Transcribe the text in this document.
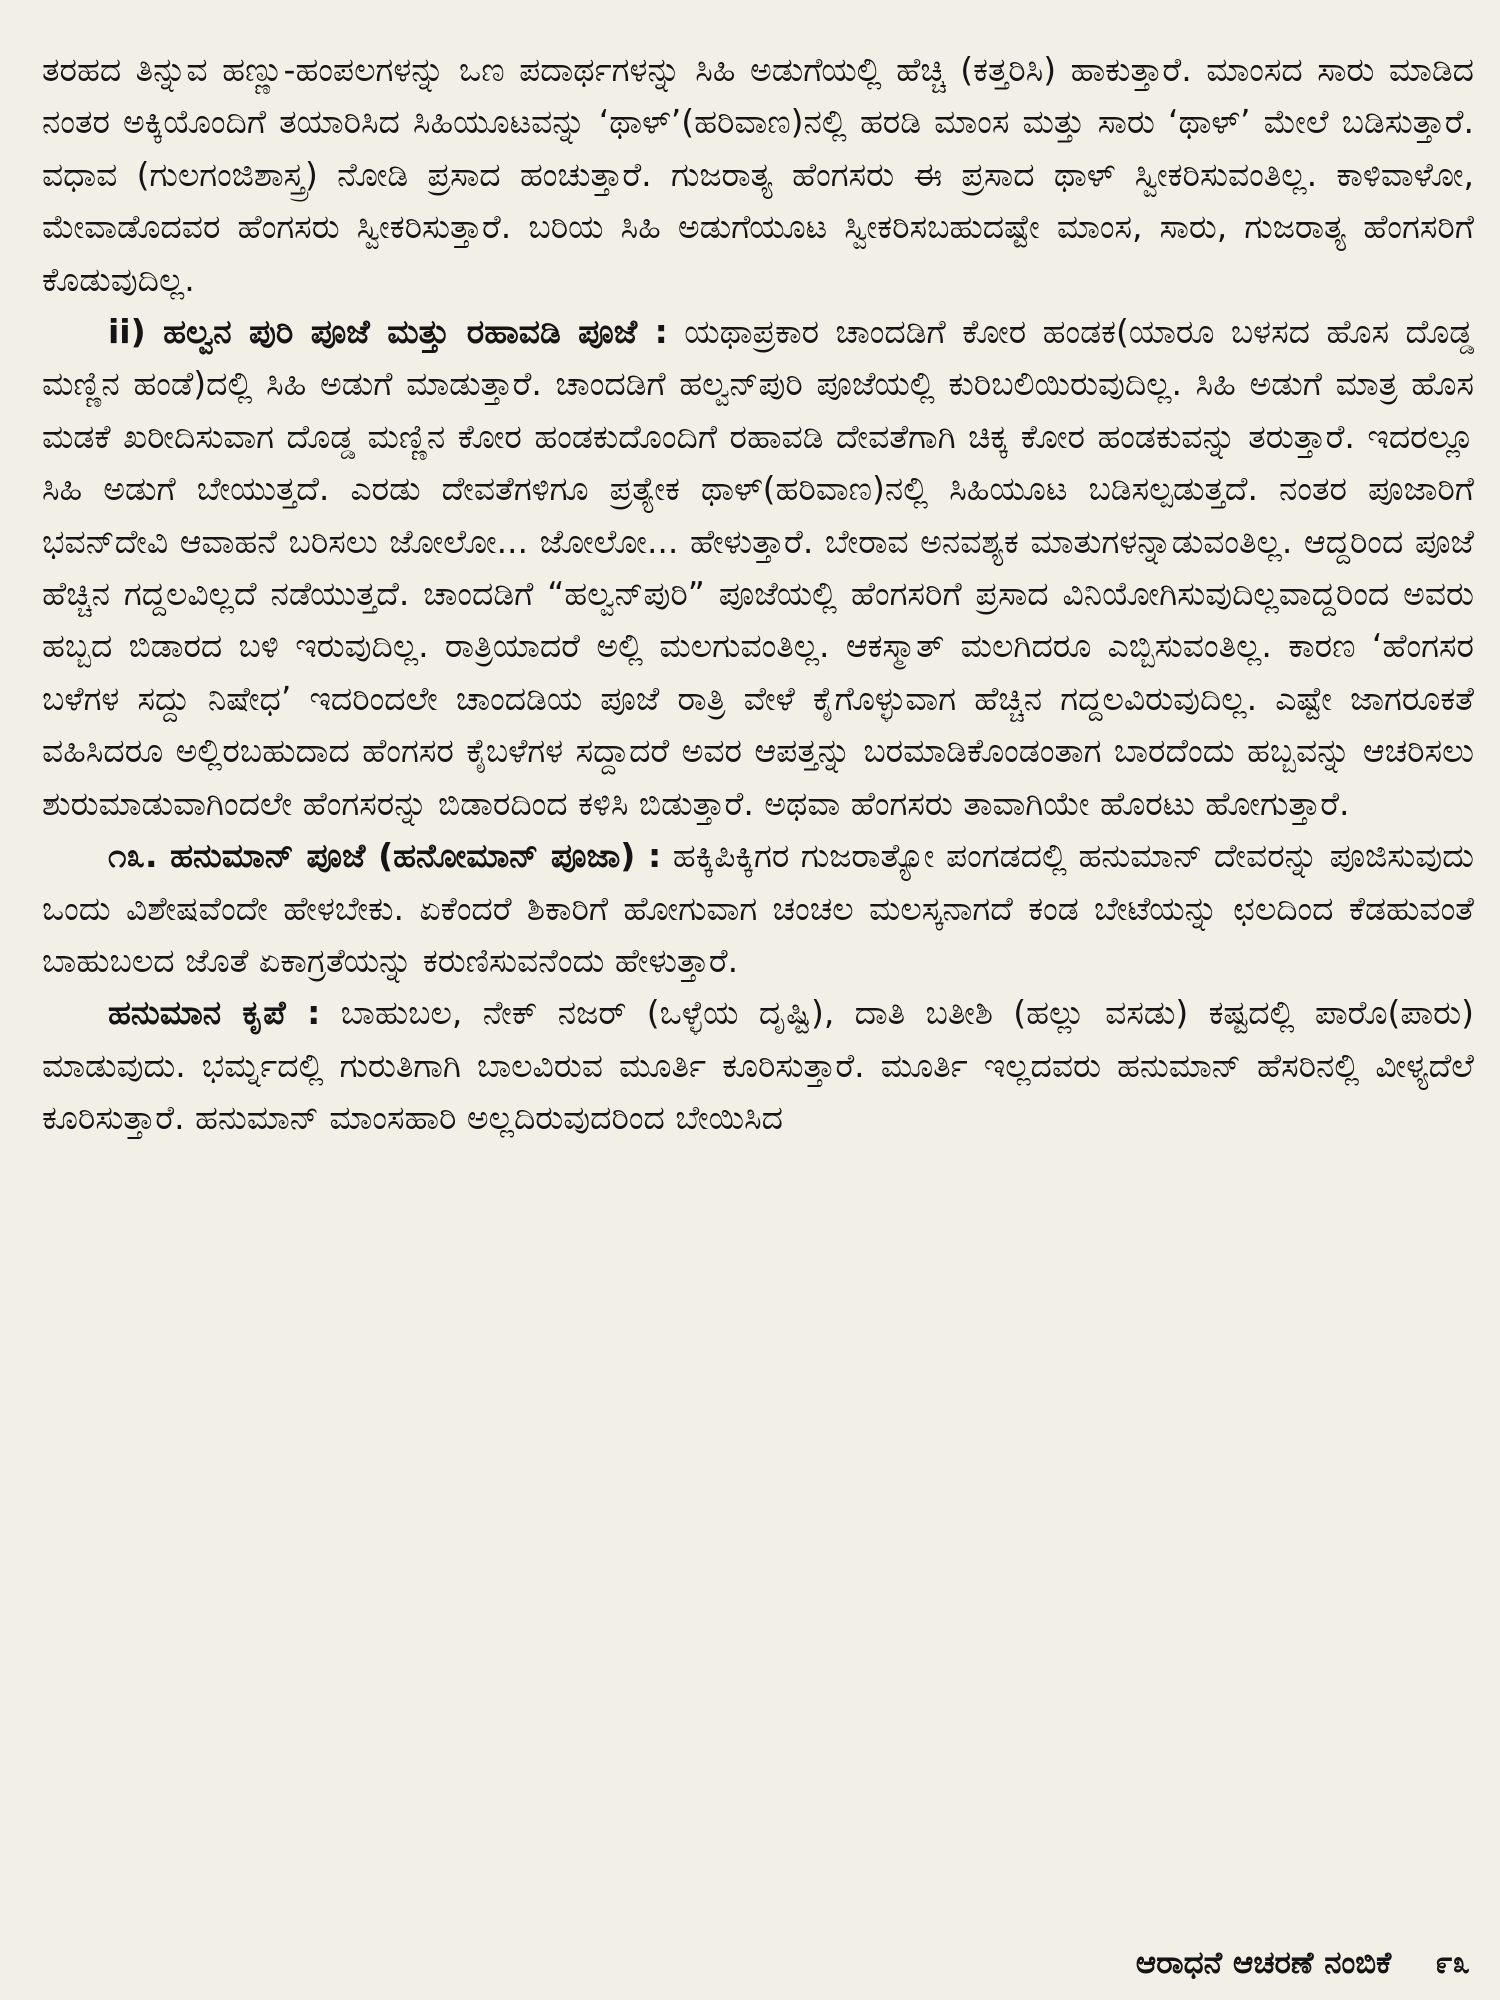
ತರಹದ ತಿನ್ನುವ ಹಣ್ಣು-ಹಂಪಲಗಳನ್ನು ಒಣ ಪದಾರ್ಥಗಳನ್ನು ಸಿಹಿ ಅಡುಗೆಯಲ್ಲಿ ಹೆಚ್ಚಿ (ಕತ್ತರಿಸಿ) ಹಾಕುತ್ತಾರೆ. ಮಾಂಸದ ಸಾರು ಮಾಡಿದ ನಂತರ ಅಕ್ಕಿಯೊಂದಿಗೆ ತಯಾರಿಸಿದ ಸಿಹಿಯೂಟವನ್ನು ‘ಥಾಳ್’(ಹರಿವಾಣ)ನಲ್ಲಿ ಹರಡಿ ಮಾಂಸ ಮತ್ತು ಸಾರು ‘ಥಾಳ್’ ಮೇಲೆ ಬಡಿಸುತ್ತಾರೆ. ವಧಾವ (ಗುಲಗಂಜಿಶಾಸ್ತ್ರ) ನೋಡಿ ಪ್ರಸಾದ ಹಂಚುತ್ತಾರೆ. ಗುಜರಾತ್ಯ ಹೆಂಗಸರು ಈ ಪ್ರಸಾದ ಥಾಳ್ ಸ್ವೀಕರಿಸುವಂತಿಲ್ಲ. ಕಾಳಿವಾಳೋ, ಮೇವಾಡೊದವರ ಹೆಂಗಸರು ಸ್ವೀಕರಿಸುತ್ತಾರೆ. ಬರಿಯ ಸಿಹಿ ಅಡುಗೆಯೂಟ ಸ್ವೀಕರಿಸಬಹುದಷ್ಟೇ ಮಾಂಸ, ಸಾರು, ಗುಜರಾತ್ಯ ಹೆಂಗಸರಿಗೆ ಕೊಡುವುದಿಲ್ಲ.

ii) ಹಲ್ವನ ಪುರಿ ಪೂಜೆ ಮತ್ತು ರಹಾವಡಿ ಪೂಜೆ : ಯಥಾಪ್ರಕಾರ ಚಾಂದಡಿಗೆ ಕೋರ ಹಂಡಕ(ಯಾರೂ ಬಳಸದ ಹೊಸ ದೊಡ್ಡ ಮಣ್ಣಿನ ಹಂಡೆ)ದಲ್ಲಿ ಸಿಹಿ ಅಡುಗೆ ಮಾಡುತ್ತಾರೆ. ಚಾಂದಡಿಗೆ ಹಲ್ವನ್‌ಪುರಿ ಪೂಜೆಯಲ್ಲಿ ಕುರಿಬಲಿಯಿರುವುದಿಲ್ಲ. ಸಿಹಿ ಅಡುಗೆ ಮಾತ್ರ ಹೊಸ ಮಡಕೆ ಖರೀದಿಸುವಾಗ ದೊಡ್ಡ ಮಣ್ಣಿನ ಕೋರ ಹಂಡಕುದೊಂದಿಗೆ ರಹಾವಡಿ ದೇವತೆಗಾಗಿ ಚಿಕ್ಕ ಕೋರ ಹಂಡಕುವನ್ನು ತರುತ್ತಾರೆ. ಇದರಲ್ಲೂ ಸಿಹಿ ಅಡುಗೆ ಬೇಯುತ್ತದೆ. ಎರಡು ದೇವತೆಗಳಿಗೂ ಪ್ರತ್ಯೇಕ ಥಾಳ್(ಹರಿವಾಣ)ನಲ್ಲಿ ಸಿಹಿಯೂಟ ಬಡಿಸಲ್ಪಡುತ್ತದೆ. ನಂತರ ಪೂಜಾರಿಗೆ ಭವನ್‌ದೇವಿ ಆವಾಹನೆ ಬರಿಸಲು ಜೋಲೋ... ಜೋಲೋ... ಹೇಳುತ್ತಾರೆ. ಬೇರಾವ ಅನವಶ್ಯಕ ಮಾತುಗಳನ್ನಾಡುವಂತಿಲ್ಲ. ಆದ್ದರಿಂದ ಪೂಜೆ ಹೆಚ್ಚಿನ ಗದ್ದಲವಿಲ್ಲದೆ ನಡೆಯುತ್ತದೆ. ಚಾಂದಡಿಗೆ “ಹಲ್ವನ್‌ಪುರಿ” ಪೂಜೆಯಲ್ಲಿ ಹೆಂಗಸರಿಗೆ ಪ್ರಸಾದ ವಿನಿಯೋಗಿಸುವುದಿಲ್ಲವಾದ್ದರಿಂದ ಅವರು ಹಬ್ಬದ ಬಿಡಾರದ ಬಳಿ ಇರುವುದಿಲ್ಲ. ರಾತ್ರಿಯಾದರೆ ಅಲ್ಲಿ ಮಲಗುವಂತಿಲ್ಲ. ಆಕಸ್ಮಾತ್ ಮಲಗಿದರೂ ಎಬ್ಬಿಸುವಂತಿಲ್ಲ. ಕಾರಣ ‘ಹೆಂಗಸರ ಬಳೆಗಳ ಸದ್ದು ನಿಷೇಧ’ ಇದರಿಂದಲೇ ಚಾಂದಡಿಯ ಪೂಜೆ ರಾತ್ರಿ ವೇಳೆ ಕೈಗೊಳ್ಳುವಾಗ ಹೆಚ್ಚಿನ ಗದ್ದಲವಿರುವುದಿಲ್ಲ. ಎಷ್ಟೇ ಜಾಗರೂಕತೆ ವಹಿಸಿದರೂ ಅಲ್ಲಿರಬಹುದಾದ ಹೆಂಗಸರ ಕೈಬಳೆಗಳ ಸದ್ದಾದರೆ ಅವರ ಆಪತ್ತನ್ನು ಬರಮಾಡಿಕೊಂಡಂತಾಗ ಬಾರದೆಂದು ಹಬ್ಬವನ್ನು ಆಚರಿಸಲು ಶುರುಮಾಡುವಾಗಿಂದಲೇ ಹೆಂಗಸರನ್ನು ಬಿಡಾರದಿಂದ ಕಳಿಸಿ ಬಿಡುತ್ತಾರೆ. ಅಥವಾ ಹೆಂಗಸರು ತಾವಾಗಿಯೇ ಹೊರಟು ಹೋಗುತ್ತಾರೆ.

೧೩. ಹನುಮಾನ್ ಪೂಜೆ (ಹನೋಮಾನ್ ಪೂಜಾ) : ಹಕ್ಕಿಪಿಕ್ಕಿಗರ ಗುಜರಾತ್ಯೋ ಪಂಗಡದಲ್ಲಿ ಹನುಮಾನ್ ದೇವರನ್ನು ಪೂಜಿಸುವುದು ಒಂದು ವಿಶೇಷವೆಂದೇ ಹೇಳಬೇಕು. ಏಕೆಂದರೆ ಶಿಕಾರಿಗೆ ಹೋಗುವಾಗ ಚಂಚಲ ಮಲಸ್ಕನಾಗದೆ ಕಂಡ ಬೇಟೆಯನ್ನು ಛಲದಿಂದ ಕೆಡಹುವಂತೆ ಬಾಹುಬಲದ ಜೊತೆ ಏಕಾಗ್ರತೆಯನ್ನು ಕರುಣಿಸುವನೆಂದು ಹೇಳುತ್ತಾರೆ.

ಹನುಮಾನ ಕೃಪೆ : ಬಾಹುಬಲ, ನೇಕ್ ನಜರ್ (ಒಳ್ಳೆಯ ದೃಷ್ಟಿ), ದಾತಿ ಬತೀಶಿ (ಹಲ್ಲು ವಸಡು) ಕಷ್ಟದಲ್ಲಿ ಪಾರೊ(ಪಾರು) ಮಾಡುವುದು. ಭರ್ಮ್ನದಲ್ಲಿ ಗುರುತಿಗಾಗಿ ಬಾಲವಿರುವ ಮೂರ್ತಿ ಕೂರಿಸುತ್ತಾರೆ. ಮೂರ್ತಿ ಇಲ್ಲದವರು ಹನುಮಾನ್ ಹೆಸರಿನಲ್ಲಿ ವೀಳ್ಯದೆಲೆ ಕೂರಿಸುತ್ತಾರೆ. ಹನುಮಾನ್ ಮಾಂಸಹಾರಿ ಅಲ್ಲದಿರುವುದರಿಂದ ಬೇಯಿಸಿದ

ಆರಾಧನೆ ಆಚರಣೆ ನಂಬಿಕೆ ೯೩
